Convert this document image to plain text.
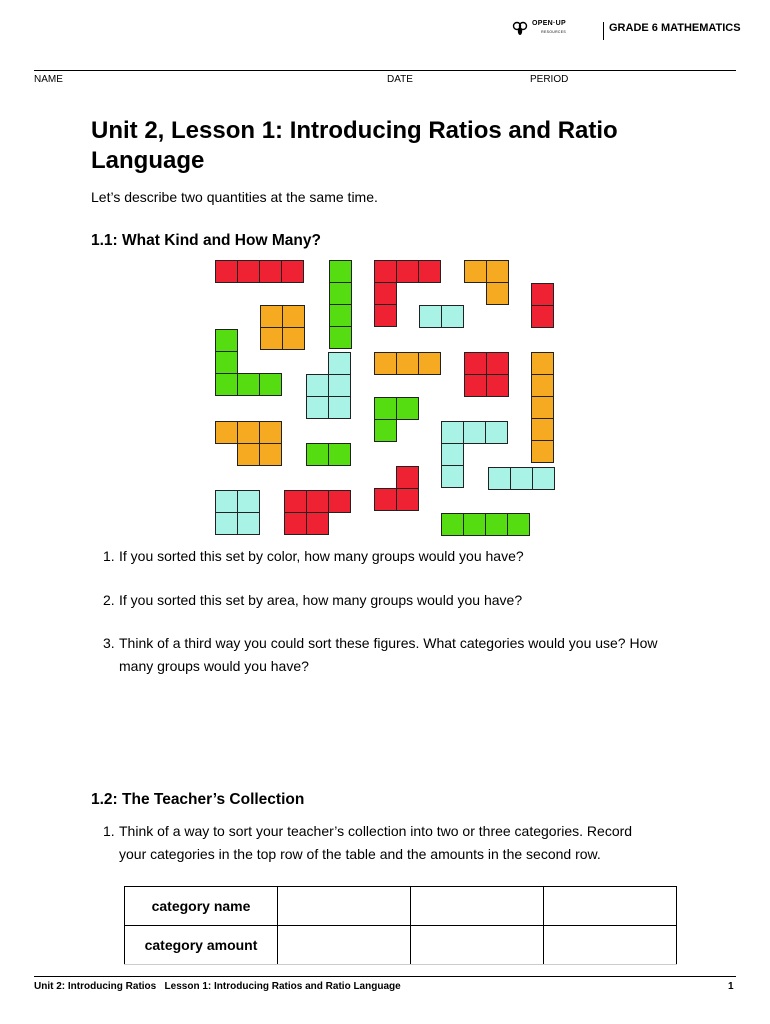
OPEN·UP
RESOURCES	GRADE 6 MATHEMATICS
NAME	DATE	PERIOD
Unit 2, Lesson 1: Introducing Ratios and Ratio Language
Let’s describe two quantities at the same time.
1.1: What Kind and How Many?
1. If you sorted this set by color, how many groups would you have?
2. If you sorted this set by area, how many groups would you have?
3. Think of a third way you could sort these figures. What categories would you use? How many groups would you have?
1.2: The Teacher’s Collection
1. Think of a way to sort your teacher’s collection into two or three categories. Record your categories in the top row of the table and the amounts in the second row.
category name			
category amount			
Unit 2: Introducing Ratios   Lesson 1: Introducing Ratios and Ratio Language	1
